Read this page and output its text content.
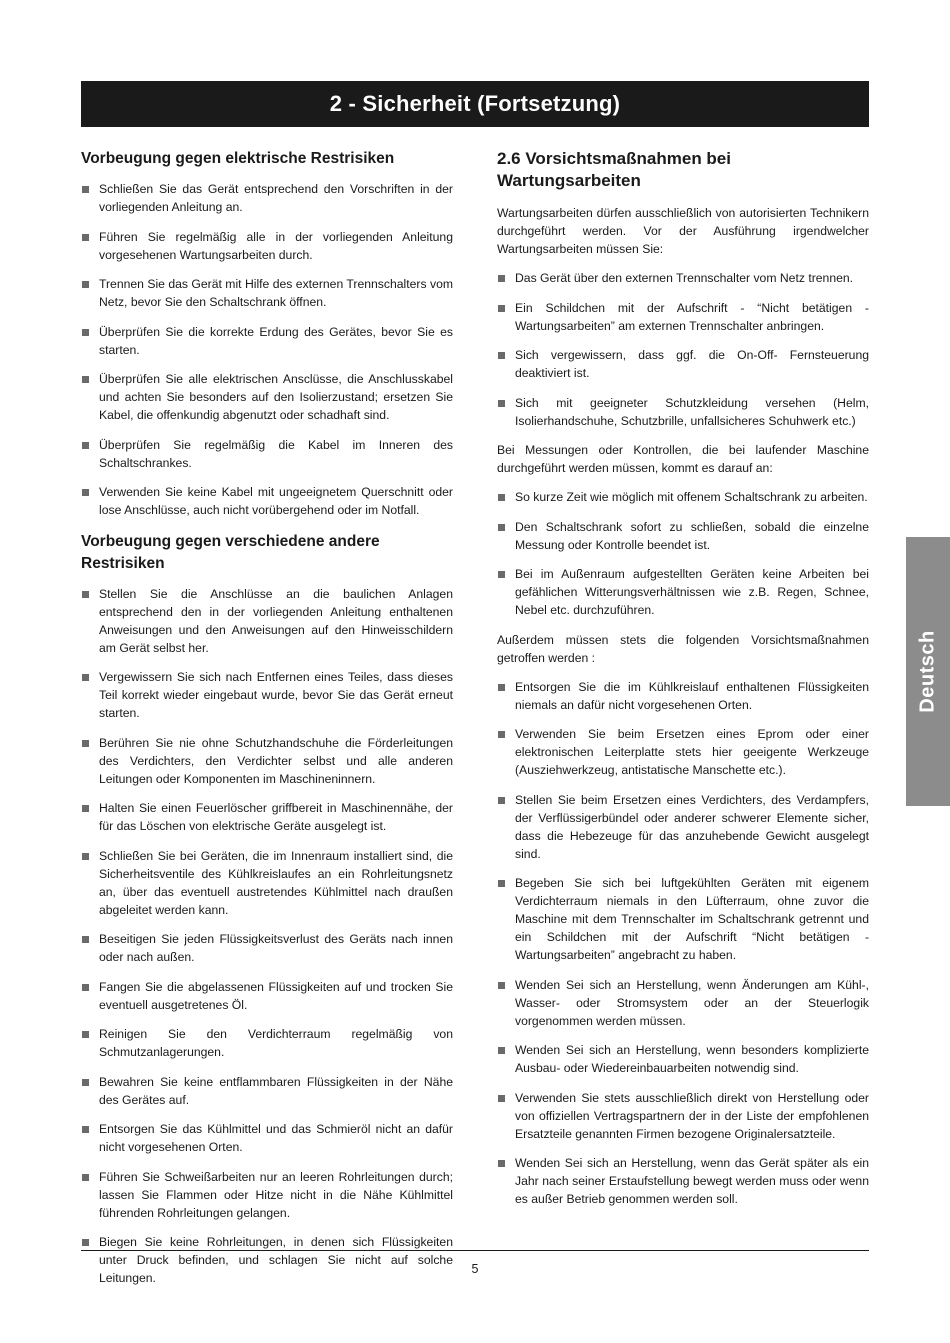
2 - Sicherheit (Fortsetzung)
Vorbeugung gegen elektrische Restrisiken
Schließen Sie das Gerät entsprechend den Vorschriften in der vorliegenden Anleitung an.
Führen Sie regelmäßig alle in der vorliegenden Anleitung vorgesehenen Wartungsarbeiten durch.
Trennen Sie das Gerät mit Hilfe des externen Trennschalters vom Netz, bevor Sie den Schaltschrank öffnen.
Überprüfen Sie die korrekte Erdung des Gerätes, bevor Sie es starten.
Überprüfen Sie alle elektrischen Ansclüsse, die Anschlusskabel und achten Sie besonders auf den Isolierzustand; ersetzen Sie Kabel, die offenkundig abgenutzt oder schadhaft sind.
Überprüfen Sie regelmäßig die Kabel im Inneren des Schaltschrankes.
Verwenden Sie keine Kabel mit ungeeignetem Querschnitt oder lose Anschlüsse, auch nicht vorübergehend oder im Notfall.
Vorbeugung gegen verschiedene andere Restrisiken
Stellen Sie die Anschlüsse an die baulichen Anlagen entsprechend den in der vorliegenden Anleitung enthaltenen Anweisungen und den Anweisungen auf den Hinweisschildern am Gerät selbst her.
Vergewissern Sie sich nach Entfernen eines Teiles, dass dieses Teil korrekt wieder eingebaut wurde, bevor Sie das Gerät erneut starten.
Berühren Sie nie ohne Schutzhandschuhe die Förderleitungen des Verdichters, den Verdichter selbst und alle anderen Leitungen oder Komponenten im Maschineninnern.
Halten Sie einen Feuerlöscher griffbereit in Maschinennähe, der für das Löschen von elektrische Geräte ausgelegt ist.
Schließen Sie bei Geräten, die im Innenraum installiert sind, die Sicherheitsventile des Kühlkreislaufes an ein Rohrleitungsnetz an, über das eventuell austretendes Kühlmittel nach draußen abgeleitet werden kann.
Beseitigen Sie jeden Flüssigkeitsverlust des Geräts nach innen oder nach außen.
Fangen Sie die abgelassenen Flüssigkeiten auf und trocken Sie eventuell ausgetretenes Öl.
Reinigen Sie den Verdichterraum regelmäßig von Schmutzanlagerungen.
Bewahren Sie keine entflammbaren Flüssigkeiten in der Nähe des Gerätes auf.
Entsorgen Sie das Kühlmittel und das Schmieröl nicht an dafür nicht vorgesehenen Orten.
Führen Sie Schweißarbeiten nur an leeren Rohrleitungen durch; lassen Sie Flammen oder Hitze nicht in die Nähe Kühlmittel führenden Rohrleitungen gelangen.
Biegen Sie keine Rohrleitungen, in denen sich Flüssigkeiten unter Druck befinden, und schlagen Sie nicht auf solche Leitungen.
2.6 Vorsichtsmaßnahmen bei Wartungsarbeiten

Wartungsarbeiten dürfen ausschließlich von autorisierten Technikern durchgeführt werden. Vor der Ausführung irgendwelcher Wartungsarbeiten müssen Sie:

Das Gerät über den externen Trennschalter vom Netz trennen.
Ein Schildchen mit der Aufschrift - “Nicht betätigen -Wartungsarbeiten” am externen Trennschalter anbringen.
Sich vergewissern, dass ggf. die On-Off- Fernsteuerung deaktiviert ist.
Sich mit geeigneter Schutzkleidung versehen (Helm, Isolierhandschuhe, Schutzbrille, unfallsicheres Schuhwerk etc.)

Bei Messungen oder Kontrollen, die bei laufender Maschine durchgeführt werden müssen, kommt es darauf an:

So kurze Zeit wie möglich mit offenem Schaltschrank zu arbeiten.
Den Schaltschrank sofort zu schließen, sobald die einzelne Messung oder Kontrolle beendet ist.
Bei im Außenraum aufgestellten Geräten keine Arbeiten bei gefählichen Witterungsverhältnissen wie z.B. Regen, Schnee, Nebel etc. durchzuführen.

Außerdem müssen stets die folgenden Vorsichtsmaßnahmen getroffen werden :

Entsorgen Sie die im Kühlkreislauf enthaltenen Flüssigkeiten niemals an dafür nicht vorgesehenen Orten.
Verwenden Sie beim Ersetzen eines Eprom oder einer elektronischen Leiterplatte stets hier geeigente Werkzeuge (Ausziehwerkzeug, antistatische Manschette etc.).
Stellen Sie beim Ersetzen eines Verdichters, des Verdampfers, der Verflüssigerbündel oder anderer schwerer Elemente sicher, dass die Hebezeuge für das anzuhebende Gewicht ausgelegt sind.
Begeben Sie sich bei luftgekühlten Geräten mit eigenem Verdichterraum niemals in den Lüfterraum, ohne zuvor die Maschine mit dem Trennschalter im Schaltschrank getrennt und ein Schildchen mit der Aufschrift “Nicht betätigen -Wartungsarbeiten” angebracht zu haben.
Wenden Sei sich an Herstellung, wenn Änderungen am Kühl-, Wasser- oder Stromsystem oder an der Steuerlogik vorgenommen werden müssen.
Wenden Sei sich an Herstellung, wenn besonders komplizierte Ausbau- oder Wiedereinbauarbeiten notwendig sind.
Verwenden Sie stets ausschließlich direkt von Herstellung oder von offiziellen Vertragspartnern der in der Liste der empfohlenen Ersatzteile genannten Firmen bezogene Originalersatzteile.
Wenden Sei sich an Herstellung, wenn das Gerät später als ein Jahr nach seiner Erstaufstellung bewegt werden muss oder wenn es außer Betrieb genommen werden soll.
Deutsch
5
